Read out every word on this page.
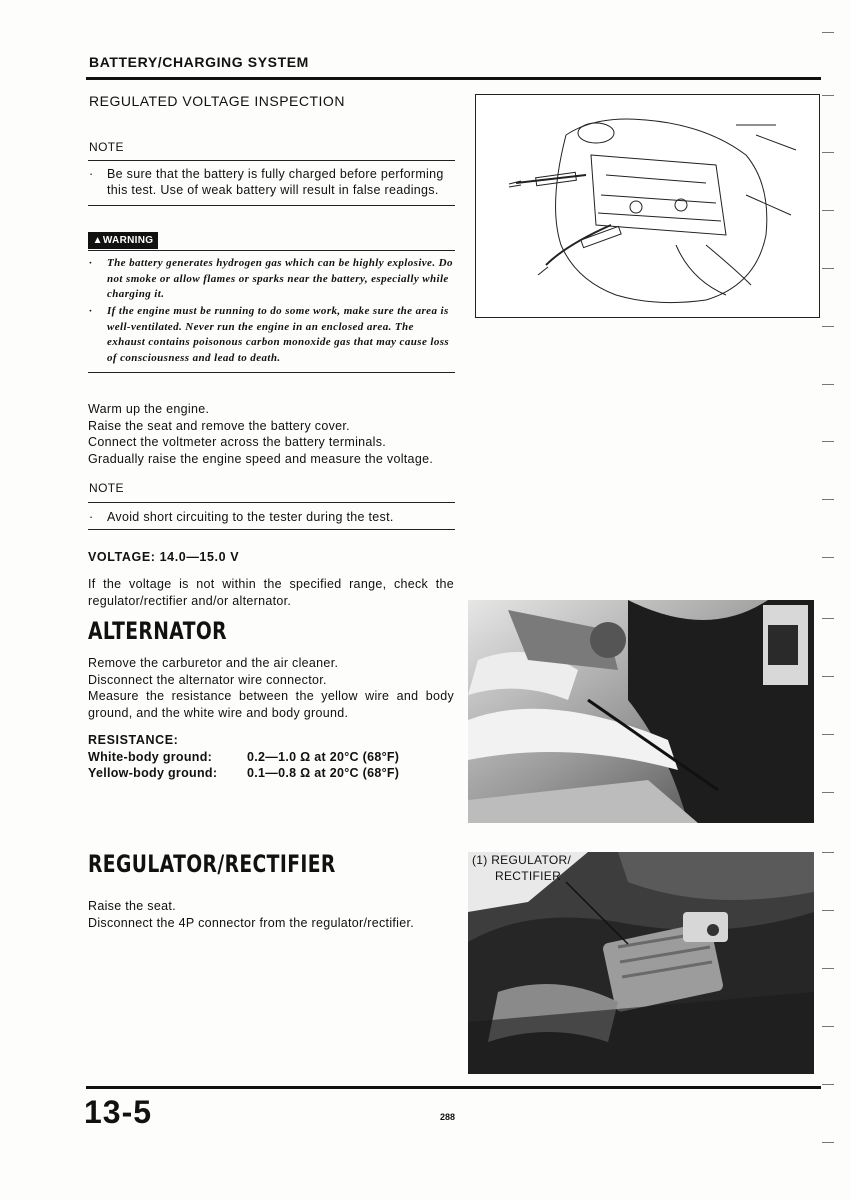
BATTERY/CHARGING SYSTEM
REGULATED VOLTAGE INSPECTION
NOTE
·	Be sure that the battery is fully charged before performing this test. Use of weak battery will result in false readings.
▲WARNING
·	The battery generates hydrogen gas which can be highly explosive. Do not smoke or allow flames or sparks near the battery, especially while charging it.
·	If the engine must be running to do some work, make sure the area is well-ventilated. Never run the engine in an enclosed area. The exhaust contains poisonous carbon monoxide gas that may cause loss of consciousness and lead to death.
Warm up the engine.
Raise the seat and remove the battery cover.
Connect the voltmeter across the battery terminals.
Gradually raise the engine speed and measure the voltage.
NOTE
·	Avoid short circuiting to the tester during the test.
VOLTAGE: 14.0—15.0 V
If the voltage is not within the specified range, check the regulator/rectifier and/or alternator.
ALTERNATOR
Remove the carburetor and the air cleaner.
Disconnect the alternator wire connector.
Measure the resistance between the yellow wire and body ground, and the white wire and body ground.
RESISTANCE:
White-body ground:	0.2—1.0 Ω at 20°C (68°F)
Yellow-body ground: 0.1—0.8 Ω at 20°C (68°F)
REGULATOR/RECTIFIER
Raise the seat.
Disconnect the 4P connector from the regulator/rectifier.
(1) REGULATOR/
RECTIFIER
13-5	288
